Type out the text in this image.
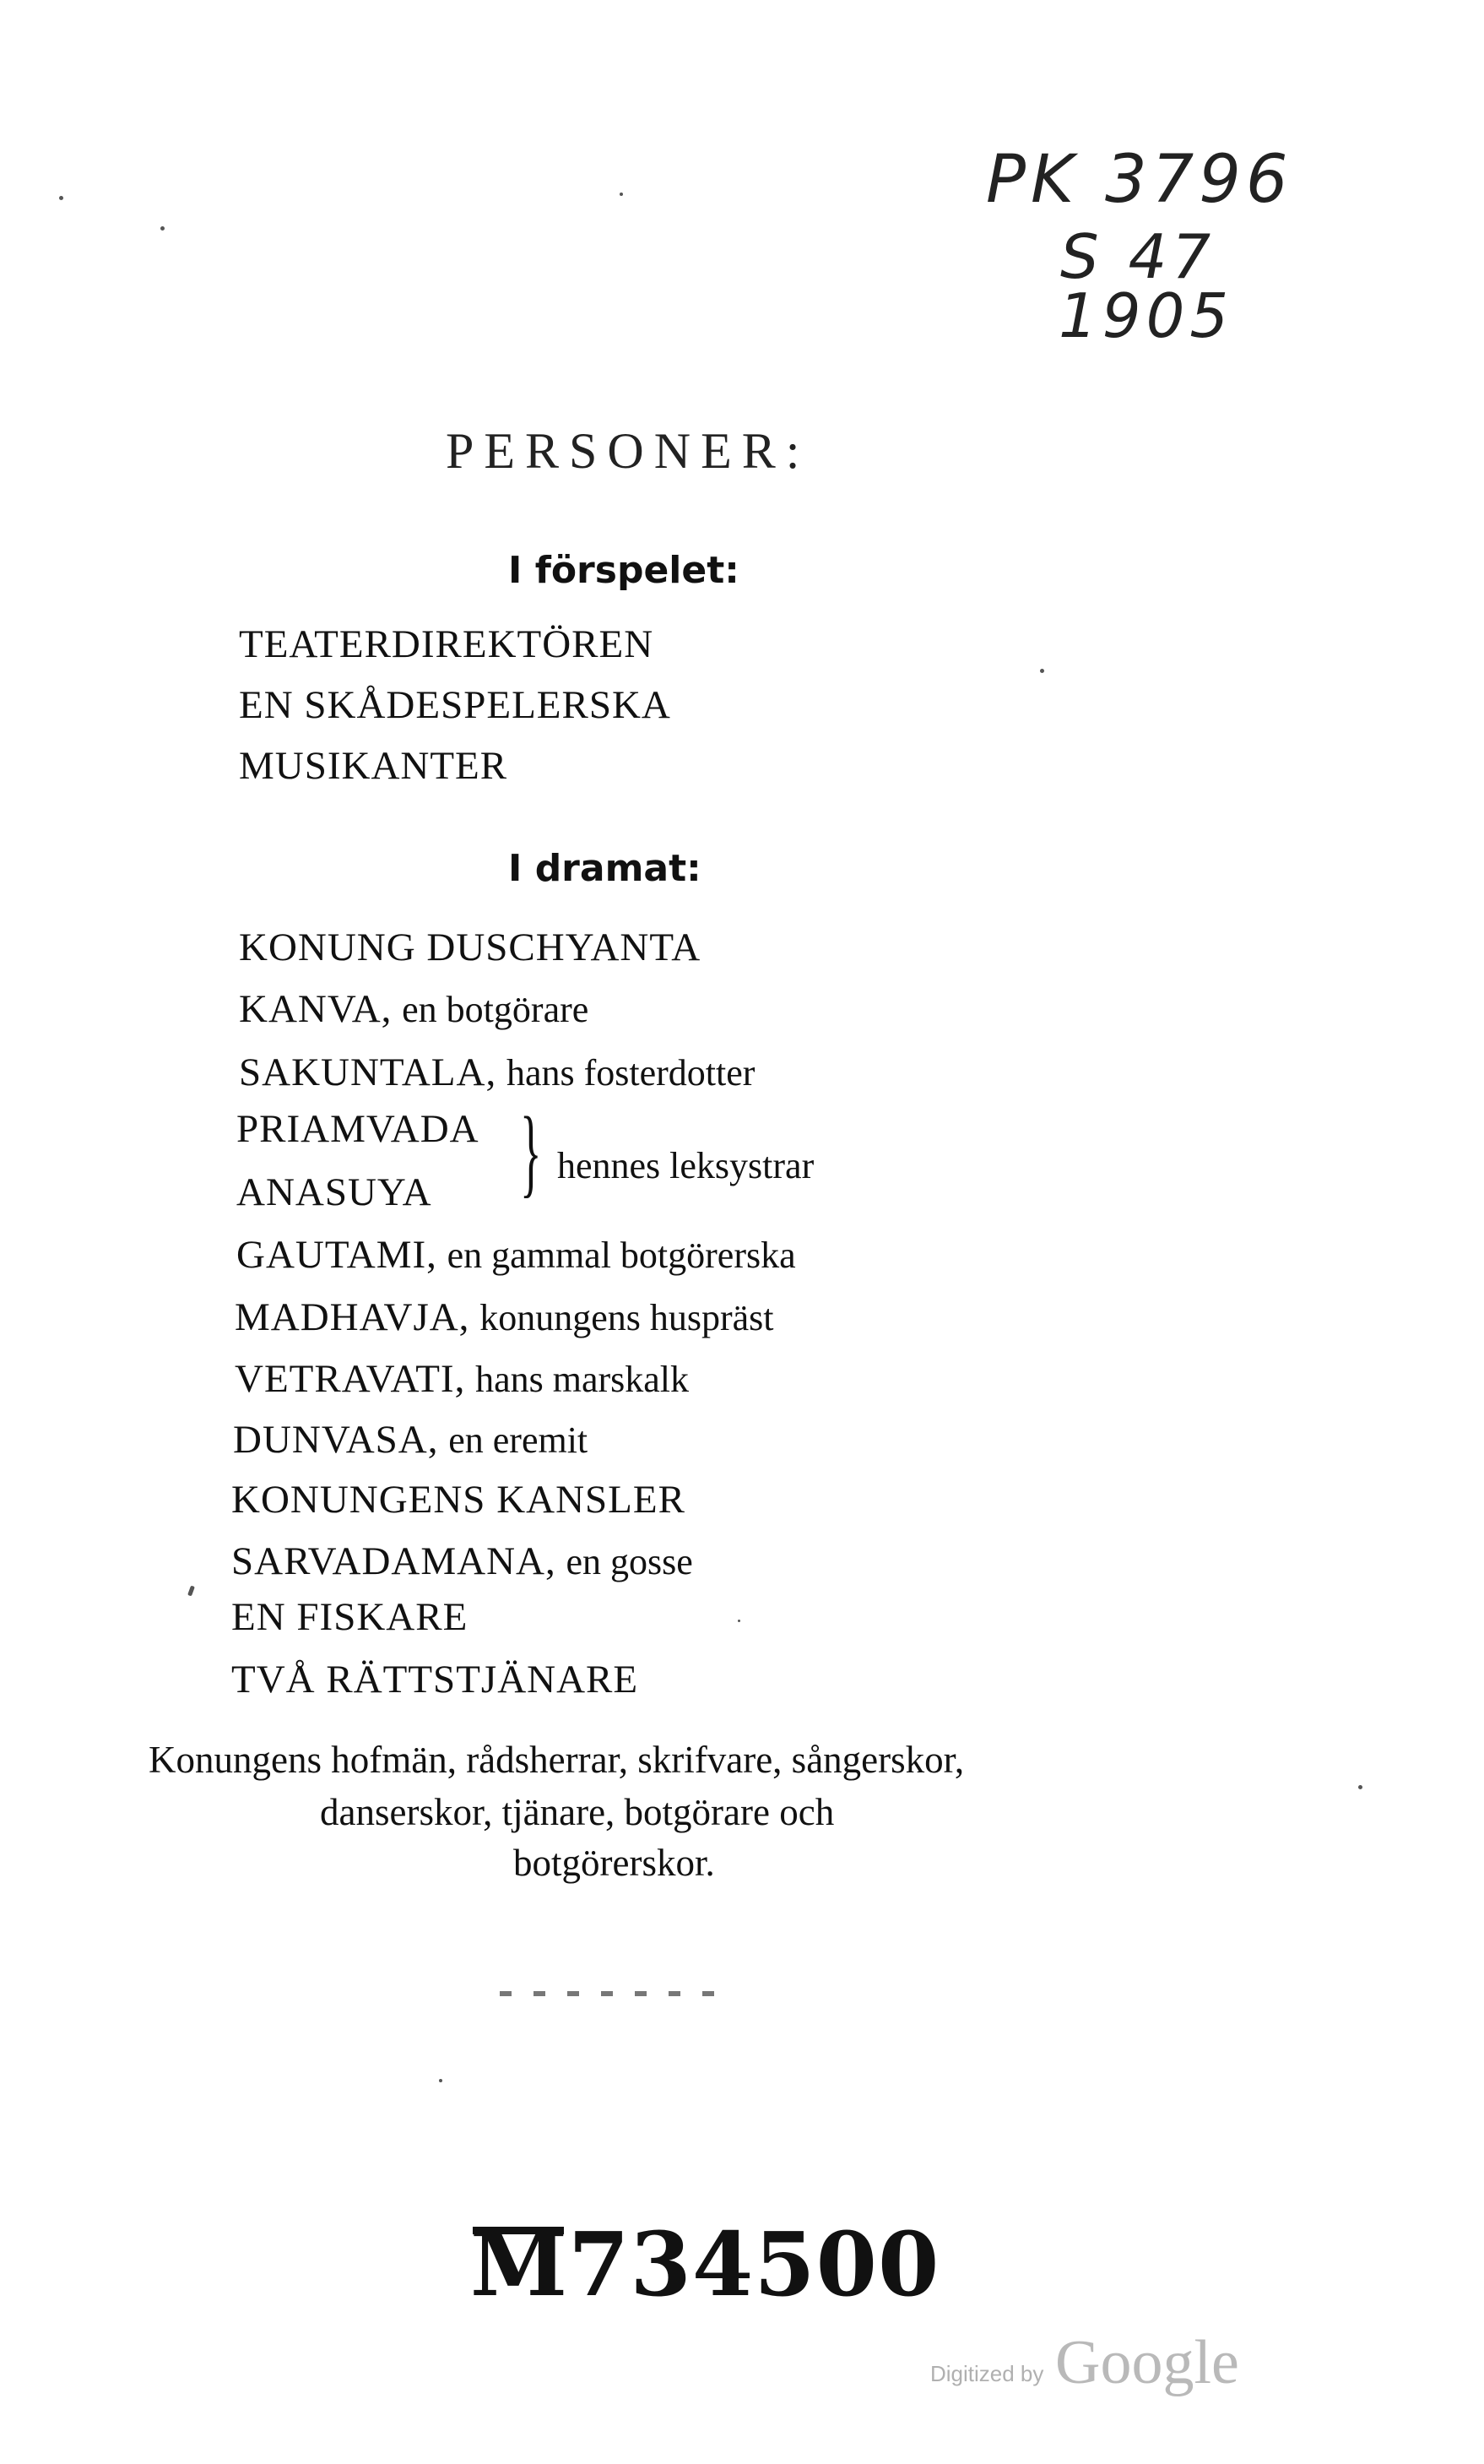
PK 3796
S 47
1905
PERSONER:
I förspelet:
TEATERDIREKTÖREN
EN SKÅDESPELERSKA
MUSIKANTER
I dramat:
KONUNG DUSCHYANTA
KANVA, en botgörare
SAKUNTALA, hans fosterdotter
PRIAMVADA
ANASUYA } hennes leksystrar
GAUTAMI, en gammal botgörerska
MADHAVJA, konungens huspräst
VETRAVATI, hans marskalk
DUNVASA, en eremit
KONUNGENS KANSLER
SARVADAMANA, en gosse
EN FISKARE
TVÅ RÄTTSTJÄNARE
Konungens hofmän, rådsherrar, skrifvare, sångerskor,
danserskor, tjänare, botgörare och
botgörerskor.
M734500
Digitized by Google
